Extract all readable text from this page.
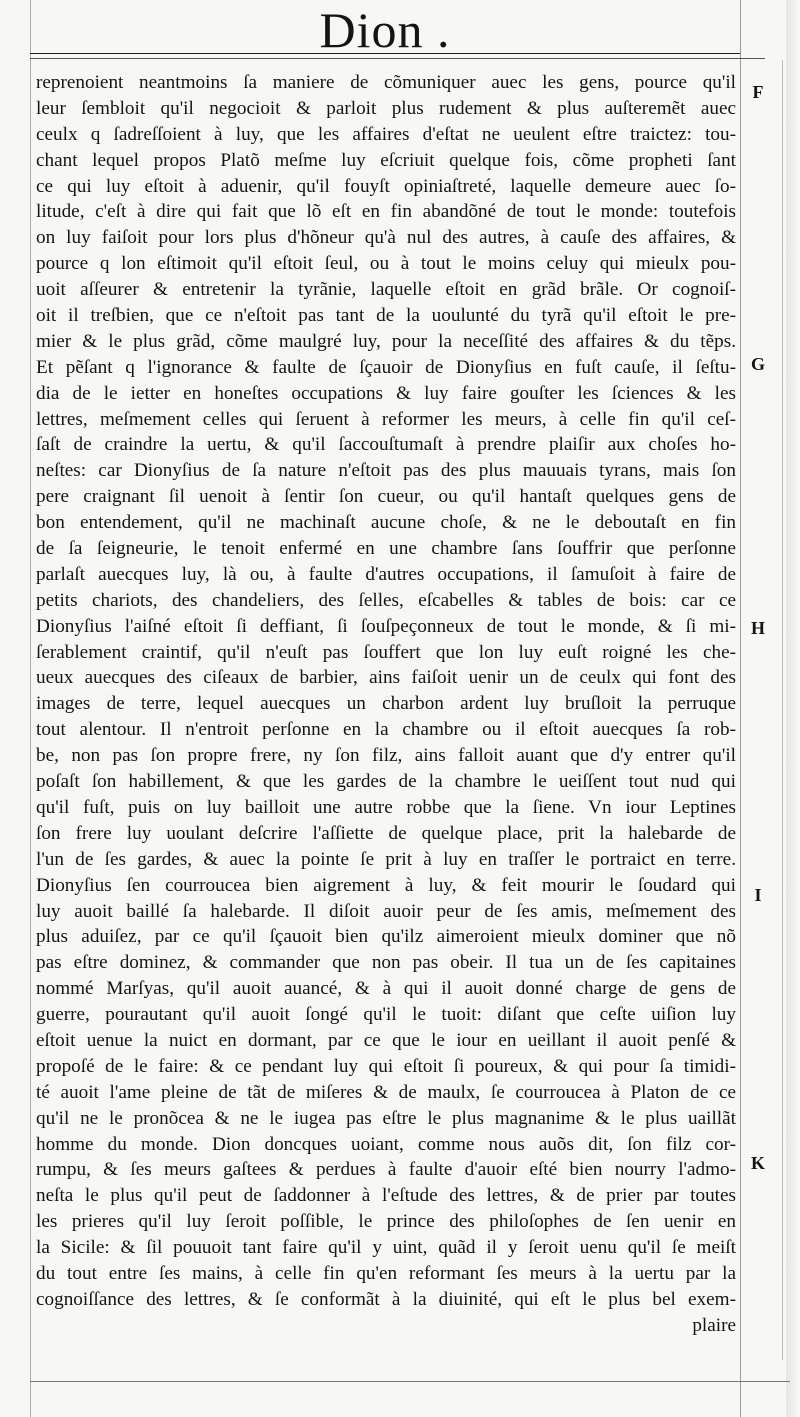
Dion .
reprenoient neantmoins ſa maniere de cõmuniquer auec les gens, pource qu'il
leur ſembloit qu'il negocioit & parloit plus rudement & plus auſteremẽt auec
ceulx q ſadreſſoient à luy, que les affaires d'eſtat ne ueulent eſtre traictez: tou-
chant lequel propos Platõ meſme luy eſcriuit quelque fois, cõme propheti ſant
ce qui luy eſtoit à aduenir, qu'il fouyſt opiniaſtreté, laquelle demeure auec ſo-
litude, c'eſt à dire qui fait que lõ eſt en fin abandõné de tout le monde: toutefois
on luy faiſoit pour lors plus d'hõneur qu'à nul des autres, à cauſe des affaires, &
pource q lon eſtimoit qu'il eſtoit ſeul, ou à tout le moins celuy qui mieulx pou-
uoit aſſeurer & entretenir la tyrãnie, laquelle eſtoit en grãd brãle. Or cognoiſ-
oit il treſbien, que ce n'eſtoit pas tant de la uoulunté du tyrã qu'il eſtoit le pre-
mier & le plus grãd, cõme maulgré luy, pour la neceſſité des affaires & du tẽps.
Et pẽſant q l'ignorance & faulte de ſçauoir de Dionyſius en fuſt cauſe, il ſeſtu-
dia de le ietter en honeſtes occupations & luy faire gouſter les ſciences & les
lettres, meſmement celles qui ſeruent à reformer les meurs, à celle fin qu'il ceſ-
ſaſt de craindre la uertu, & qu'il ſaccouſtumaſt à prendre plaiſir aux choſes ho-
neſtes: car Dionyſius de ſa nature n'eſtoit pas des plus mauuais tyrans, mais ſon
pere craignant ſil uenoit à ſentir ſon cueur, ou qu'il hantaſt quelques gens de
bon entendement, qu'il ne machinaſt aucune choſe, & ne le deboutaſt en fin
de ſa ſeigneurie, le tenoit enfermé en une chambre ſans ſouffrir que perſonne
parlaſt auecques luy, là ou, à faulte d'autres occupations, il ſamuſoit à faire de
petits chariots, des chandeliers, des ſelles, eſcabelles & tables de bois: car ce
Dionyſius l'aiſné eſtoit ſi deffiant, ſi ſouſpeçonneux de tout le monde, & ſi mi-
ſerablement craintif, qu'il n'euſt pas ſouffert que lon luy euſt roigné les che-
ueux auecques des ciſeaux de barbier, ains faiſoit uenir un de ceulx qui font des
images de terre, lequel auecques un charbon ardent luy bruſloit la perruque
tout alentour. Il n'entroit perſonne en la chambre ou il eſtoit auecques ſa rob-
be, non pas ſon propre frere, ny ſon filz, ains falloit auant que d'y entrer qu'il
poſaſt ſon habillement, & que les gardes de la chambre le ueiſſent tout nud qui
qu'il fuſt, puis on luy bailloit une autre robbe que la ſiene. Vn iour Leptines
ſon frere luy uoulant deſcrire l'aſſiette de quelque place, prit la halebarde de
l'un de ſes gardes, & auec la pointe ſe prit à luy en traſſer le portraict en terre.
Dionyſius ſen courroucea bien aigrement à luy, & feit mourir le ſoudard qui
luy auoit baillé ſa halebarde. Il diſoit auoir peur de ſes amis, meſmement des
plus aduiſez, par ce qu'il ſçauoit bien qu'ilz aimeroient mieulx dominer que nõ
pas eſtre dominez, & commander que non pas obeir. Il tua un de ſes capitaines
nommé Marſyas, qu'il auoit auancé, & à qui il auoit donné charge de gens de
guerre, pourautant qu'il auoit ſongé qu'il le tuoit: diſant que ceſte uiſion luy
eſtoit uenue la nuict en dormant, par ce que le iour en ueillant il auoit penſé &
propoſé de le faire: & ce pendant luy qui eſtoit ſi poureux, & qui pour ſa timidi-
té auoit l'ame pleine de tãt de miſeres & de maulx, ſe courroucea à Platon de ce
qu'il ne le pronõcea & ne le iugea pas eſtre le plus magnanime & le plus uaillãt
homme du monde. Dion doncques uoiant, comme nous auõs dit, ſon filz cor-
rumpu, & ſes meurs gaſtees & perdues à faulte d'auoir eſté bien nourry l'admo-
neſta le plus qu'il peut de ſaddonner à l'eſtude des lettres, & de prier par toutes
les prieres qu'il luy ſeroit poſſible, le prince des philoſophes de ſen uenir en
la Sicile: & ſil pouuoit tant faire qu'il y uint, quãd il y ſeroit uenu qu'il ſe meiſt
du tout entre ſes mains, à celle fin qu'en reformant ſes meurs à la uertu par la
cognoiſſance des lettres, & ſe conformãt à la diuinité, qui eſt le plus bel exem-
plaire
F
G
H
I
K
